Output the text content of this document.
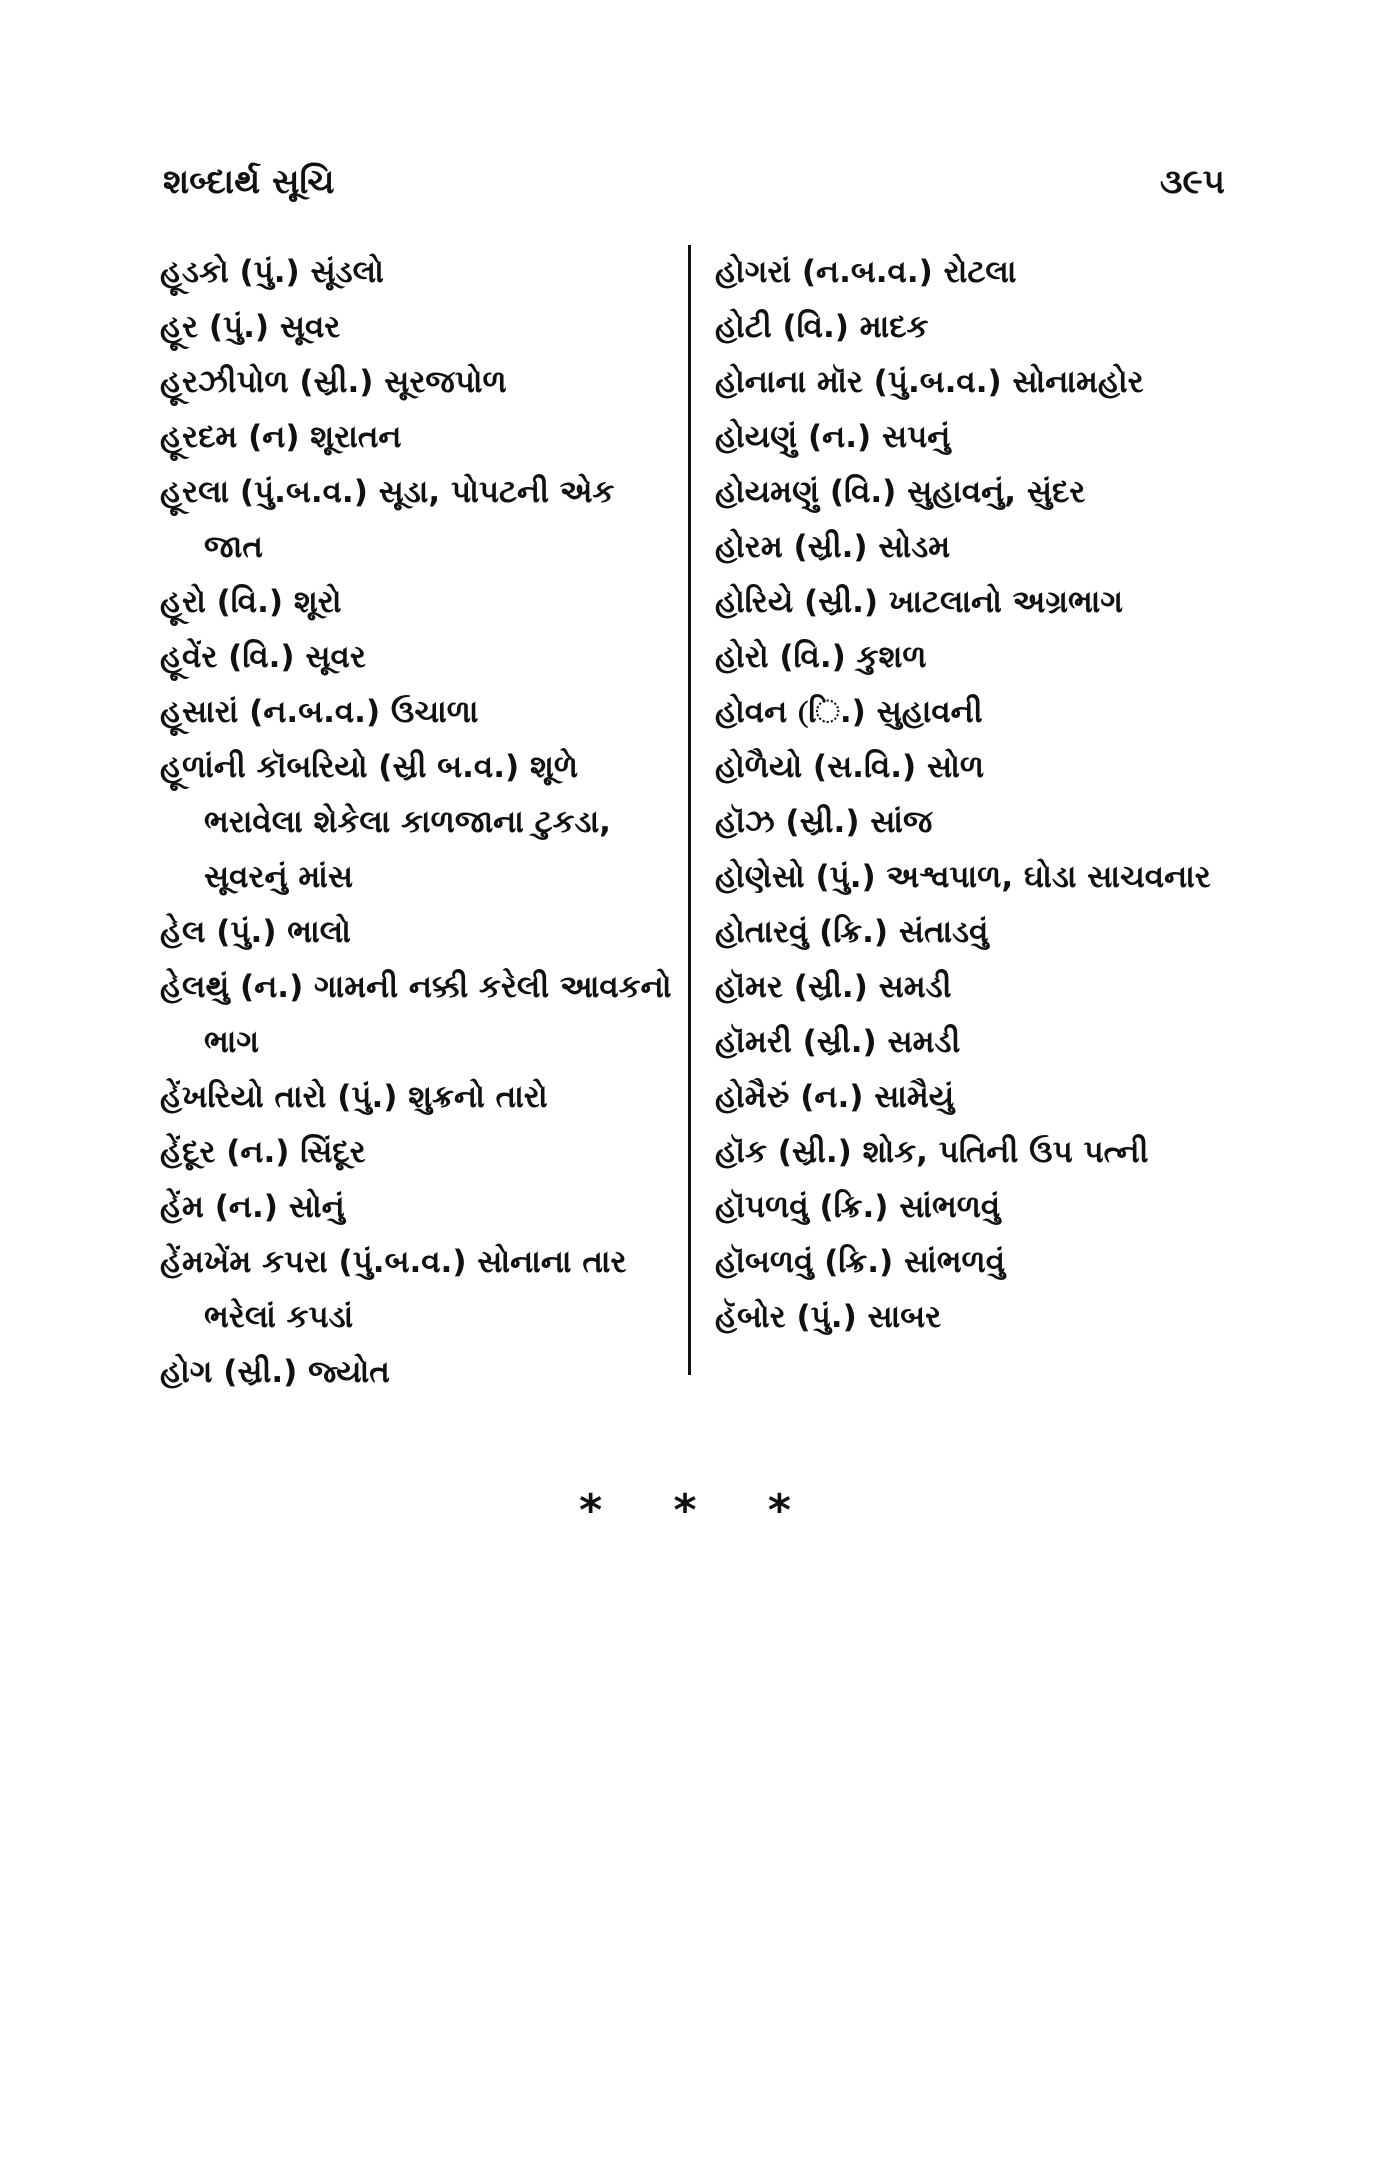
શબ્દાર્થ સૂચિ	૩૯૫

હૂડકો (પું.) સૂંડલો

હૂર (પું.) સૂવર

હૂરઝીપોળ (સ્રી.) સૂરજપોળ

હૂરદમ (ન) શૂરાતન

હૂરલા (પું.બ.વ.) સૂડા, પોપટની એક જાત

હૂરો (વિ.) શૂરો

હૂવેંર (વિ.) સૂવર

હૂસારાં (ન.બ.વ.) ઉચાળા

હૂળાંની કૉબરિયો (સ્રી બ.વ.) શૂળે ભરાવેલા શેકેલા કાળજાના ટુકડા, સૂવરનું માંસ

હેલ (પું.) ભાલો

હેલથું (ન.) ગામની નક્કી કરેલી આવકનો ભાગ

હેંખરિયો તારો (પું.) શુક્રનો તારો

હેંદૂર (ન.) સિંદૂર

હેંમ (ન.) સોનું

હેંમખેંમ કપરા (પું.બ.વ.) સોનાના તાર ભરેલાં કપડાં

હોગ (સ્રી.) જ્યોત

હોગરાં (ન.બ.વ.) રોટલા

હોટી (વિ.) માદક

હોનાના મૉર (પું.બ.વ.) સોનામહોર

હોયણું (ન.) સપનું

હોયમણું (વિ.) સુહાવનું, સુંદર

હોરમ (સ્રી.) સોડમ

હોરિયે (સ્રી.) ખાટલાનો અગ્રભાગ

હોરો (વિ.) કુશળ

હોવન (િ.) સુહાવની

હોળૈયો (સ.વિ.) સોળ

હૉઝ (સ્રી.) સાંજ

હોણેસો (પું.) અશ્વપાળ, ઘોડા સાચવનાર

હોતારવું (ક્રિ.) સંતાડવું

હૉમર (સ્રી.) સમડી

હૉમરી (સ્રી.) સમડી

હોમૈરું (ન.) સામૈયું

હૉક (સ્રી.) શોક, પતિની ઉપ પત્ની

હૉપળવું (ક્રિ.) સાંભળવું

હૉબળવું (ક્રિ.) સાંભળવું

હૅબોર (પું.) સાબર

* * *
